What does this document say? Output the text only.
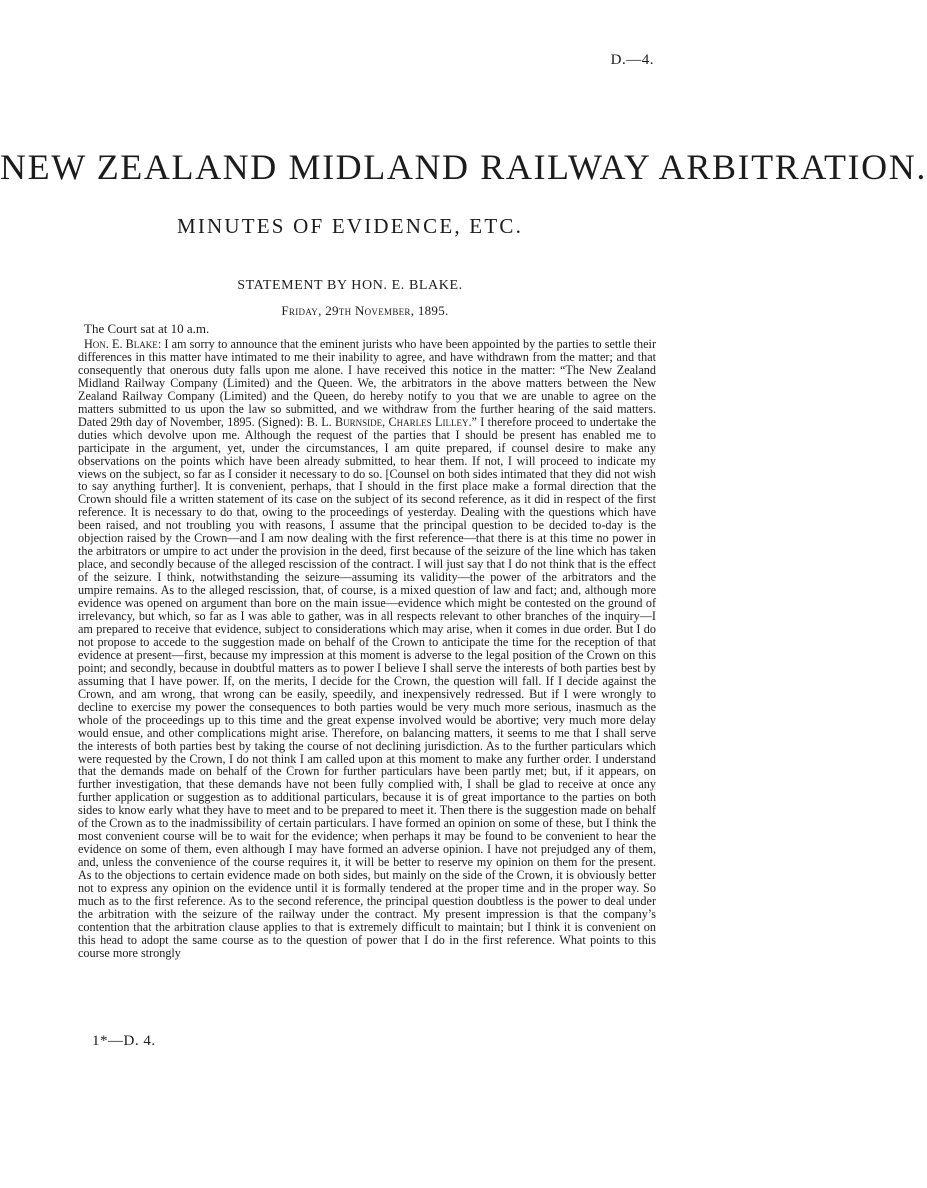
D.—4.
NEW ZEALAND MIDLAND RAILWAY ARBITRATION.
MINUTES OF EVIDENCE, ETC.
STATEMENT BY HON. E. BLAKE.
Friday, 29th November, 1895.
The Court sat at 10 a.m.
Hon. E. Blake: I am sorry to announce that the eminent jurists who have been appointed by the parties to settle their differences in this matter have intimated to me their inability to agree, and have withdrawn from the matter; and that consequently that onerous duty falls upon me alone. I have received this notice in the matter: “The New Zealand Midland Railway Company (Limited) and the Queen. We, the arbitrators in the above matters between the New Zealand Railway Company (Limited) and the Queen, do hereby notify to you that we are unable to agree on the matters submitted to us upon the law so submitted, and we withdraw from the further hearing of the said matters. Dated 29th day of November, 1895. (Signed): B. L. Burnside, Charles Lilley.” I therefore proceed to undertake the duties which devolve upon me. Although the request of the parties that I should be present has enabled me to participate in the argument, yet, under the circumstances, I am quite prepared, if counsel desire to make any observations on the points which have been already submitted, to hear them. If not, I will proceed to indicate my views on the subject, so far as I consider it necessary to do so. [Counsel on both sides intimated that they did not wish to say anything further]. It is convenient, perhaps, that I should in the first place make a formal direction that the Crown should file a written statement of its case on the subject of its second reference, as it did in respect of the first reference. It is necessary to do that, owing to the proceedings of yesterday. Dealing with the questions which have been raised, and not troubling you with reasons, I assume that the principal question to be decided to-day is the objection raised by the Crown—and I am now dealing with the first reference—that there is at this time no power in the arbitrators or umpire to act under the provision in the deed, first because of the seizure of the line which has taken place, and secondly because of the alleged rescission of the contract. I will just say that I do not think that is the effect of the seizure. I think, notwithstanding the seizure—assuming its validity—the power of the arbitrators and the umpire remains. As to the alleged rescission, that, of course, is a mixed question of law and fact; and, although more evidence was opened on argument than bore on the main issue—evidence which might be contested on the ground of irrelevancy, but which, so far as I was able to gather, was in all respects relevant to other branches of the inquiry—I am prepared to receive that evidence, subject to considerations which may arise, when it comes in due order. But I do not propose to accede to the suggestion made on behalf of the Crown to anticipate the time for the reception of that evidence at present—first, because my impression at this moment is adverse to the legal position of the Crown on this point; and secondly, because in doubtful matters as to power I believe I shall serve the interests of both parties best by assuming that I have power. If, on the merits, I decide for the Crown, the question will fall. If I decide against the Crown, and am wrong, that wrong can be easily, speedily, and inexpensively redressed. But if I were wrongly to decline to exercise my power the consequences to both parties would be very much more serious, inasmuch as the whole of the proceedings up to this time and the great expense involved would be abortive; very much more delay would ensue, and other complications might arise. Therefore, on balancing matters, it seems to me that I shall serve the interests of both parties best by taking the course of not declining jurisdiction. As to the further particulars which were requested by the Crown, I do not think I am called upon at this moment to make any further order. I understand that the demands made on behalf of the Crown for further particulars have been partly met; but, if it appears, on further investigation, that these demands have not been fully complied with, I shall be glad to receive at once any further application or suggestion as to additional particulars, because it is of great importance to the parties on both sides to know early what they have to meet and to be prepared to meet it. Then there is the suggestion made on behalf of the Crown as to the inadmissibility of certain particulars. I have formed an opinion on some of these, but I think the most convenient course will be to wait for the evidence; when perhaps it may be found to be convenient to hear the evidence on some of them, even although I may have formed an adverse opinion. I have not prejudged any of them, and, unless the convenience of the course requires it, it will be better to reserve my opinion on them for the present. As to the objections to certain evidence made on both sides, but mainly on the side of the Crown, it is obviously better not to express any opinion on the evidence until it is formally tendered at the proper time and in the proper way. So much as to the first reference. As to the second reference, the principal question doubtless is the power to deal under the arbitration with the seizure of the railway under the contract. My present impression is that the company’s contention that the arbitration clause applies to that is extremely difficult to maintain; but I think it is convenient on this head to adopt the same course as to the question of power that I do in the first reference. What points to this course more strongly
1*—D. 4.
